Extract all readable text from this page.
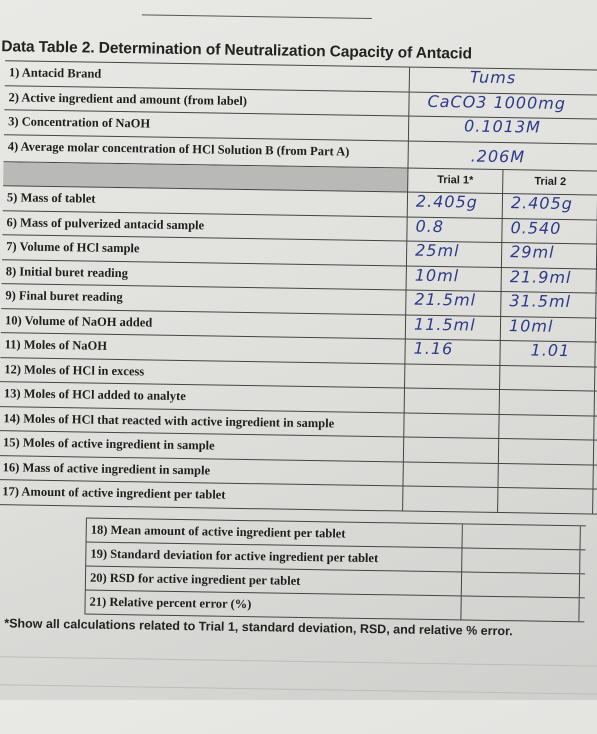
Data Table 2. Determination of Neutralization Capacity of Antacid
1) Antacid Brand	Tums
2) Active ingredient and amount (from label)	CaCO3 1000mg
3) Concentration of NaOH	0.1013M
4) Average molar concentration of HCl Solution B (from Part A)	.206M
Trial 1*	Trial 2
5) Mass of tablet	2.405g 2.405g
6) Mass of pulverized antacid sample	0.8	0.540
7) Volume of HCl sample	25ml	29ml
8) Initial buret reading	10ml	21.9ml
9) Final buret reading	21.5ml 31.5ml
10) Volume of NaOH added	11.5ml 10ml
11) Moles of NaOH	1.16	1.01
12) Moles of HCl in excess
13) Moles of HCl added to analyte
14) Moles of HCl that reacted with active ingredient in sample
15) Moles of active ingredient in sample
16) Mass of active ingredient in sample
17) Amount of active ingredient per tablet
18) Mean amount of active ingredient per tablet
19) Standard deviation for active ingredient per tablet
20) RSD for active ingredient per tablet
21) Relative percent error (%)
*Show all calculations related to Trial 1, standard deviation, RSD, and relative % error.
